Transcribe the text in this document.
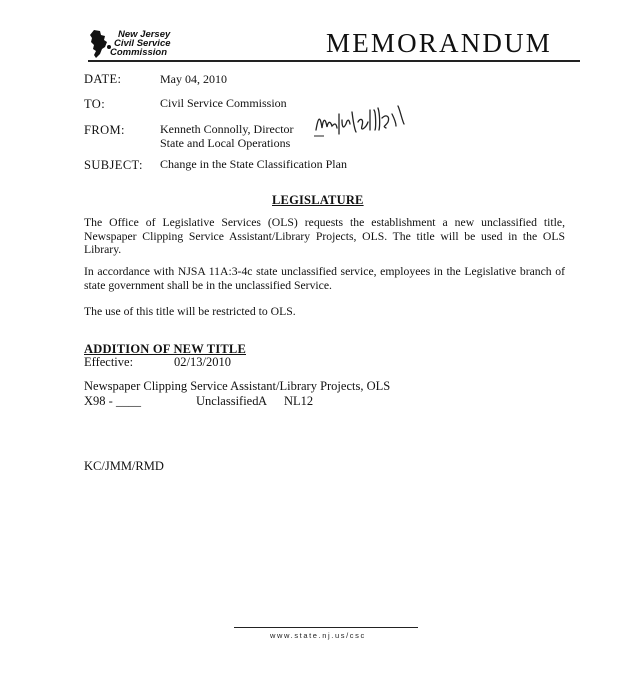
New Jersey
Civil Service
Commission	MEMORANDUM
DATE:	May 04, 2010
TO:	Civil Service Commission
FROM:	Kenneth Connolly, Director
State and Local Operations
SUBJECT: Change in the State Classification Plan
LEGISLATURE
The Office of Legislative Services (OLS) requests the establishment a new unclassified title, Newspaper Clipping Service Assistant/Library Projects, OLS. The title will be used in the OLS Library.
In accordance with NJSA 11A:3-4c state unclassified service, employees in the Legislative branch of state government shall be in the unclassified Service.
The use of this title will be restricted to OLS.
ADDITION OF NEW TITLE
Effective:	02/13/2010
Newspaper Clipping Service Assistant/Library Projects, OLS
X98 - ____	Unclassified A NL12
KC/JMM/RMD
www.state.nj.us/csc
